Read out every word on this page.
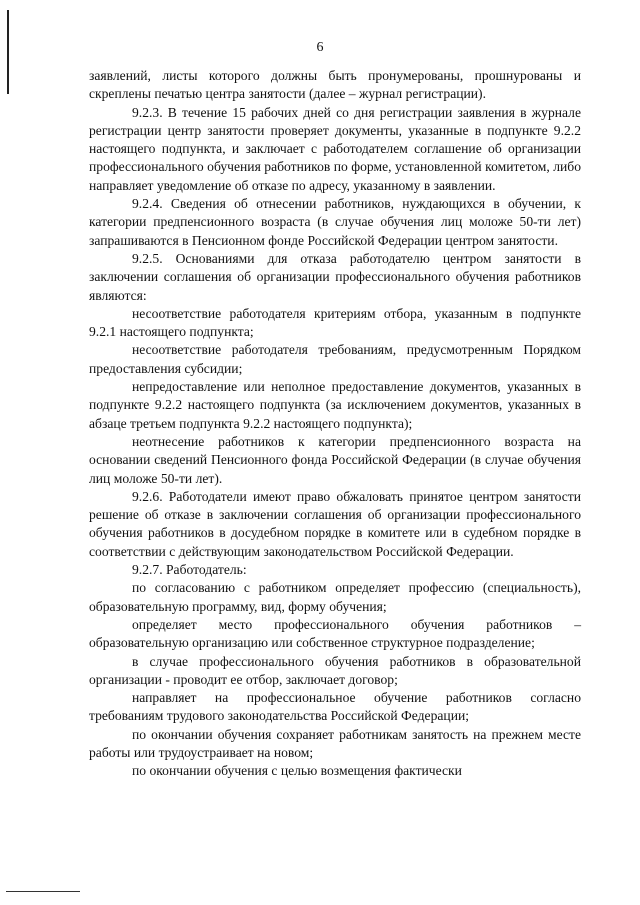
6

заявлений, листы которого должны быть пронумерованы, прошнурованы и скреплены печатью центра занятости (далее – журнал регистрации).

9.2.3. В течение 15 рабочих дней со дня регистрации заявления в журнале регистрации центр занятости проверяет документы, указанные в подпункте 9.2.2 настоящего подпункта, и заключает с работодателем соглашение об организации профессионального обучения работников по форме, установленной комитетом, либо направляет уведомление об отказе по адресу, указанному в заявлении.

9.2.4. Сведения об отнесении работников, нуждающихся в обучении, к категории предпенсионного возраста (в случае обучения лиц моложе 50-ти лет) запрашиваются в Пенсионном фонде Российской Федерации центром занятости.

9.2.5. Основаниями для отказа работодателю центром занятости в заключении соглашения об организации профессионального обучения работников являются:

несоответствие работодателя критериям отбора, указанным в подпункте 9.2.1 настоящего подпункта;

несоответствие работодателя требованиям, предусмотренным Порядком предоставления субсидии;

непредоставление или неполное предоставление документов, указанных в подпункте 9.2.2 настоящего подпункта (за исключением документов, указанных в абзаце третьем подпункта 9.2.2 настоящего подпункта);

неотнесение работников к категории предпенсионного возраста на основании сведений Пенсионного фонда Российской Федерации (в случае обучения лиц моложе 50-ти лет).

9.2.6. Работодатели имеют право обжаловать принятое центром занятости решение об отказе в заключении соглашения об организации профессионального обучения работников в досудебном порядке в комитете или в судебном порядке в соответствии с действующим законодательством Российской Федерации.

9.2.7. Работодатель:

по согласованию с работником определяет профессию (специальность), образовательную программу, вид, форму обучения;

определяет место профессионального обучения работников – образовательную организацию или собственное структурное подразделение;

в случае профессионального обучения работников в образовательной организации - проводит ее отбор, заключает договор;

направляет на профессиональное обучение работников согласно требованиям трудового законодательства Российской Федерации;

по окончании обучения сохраняет работникам занятость на прежнем месте работы или трудоустраивает на новом;

по окончании обучения с целью возмещения фактически
